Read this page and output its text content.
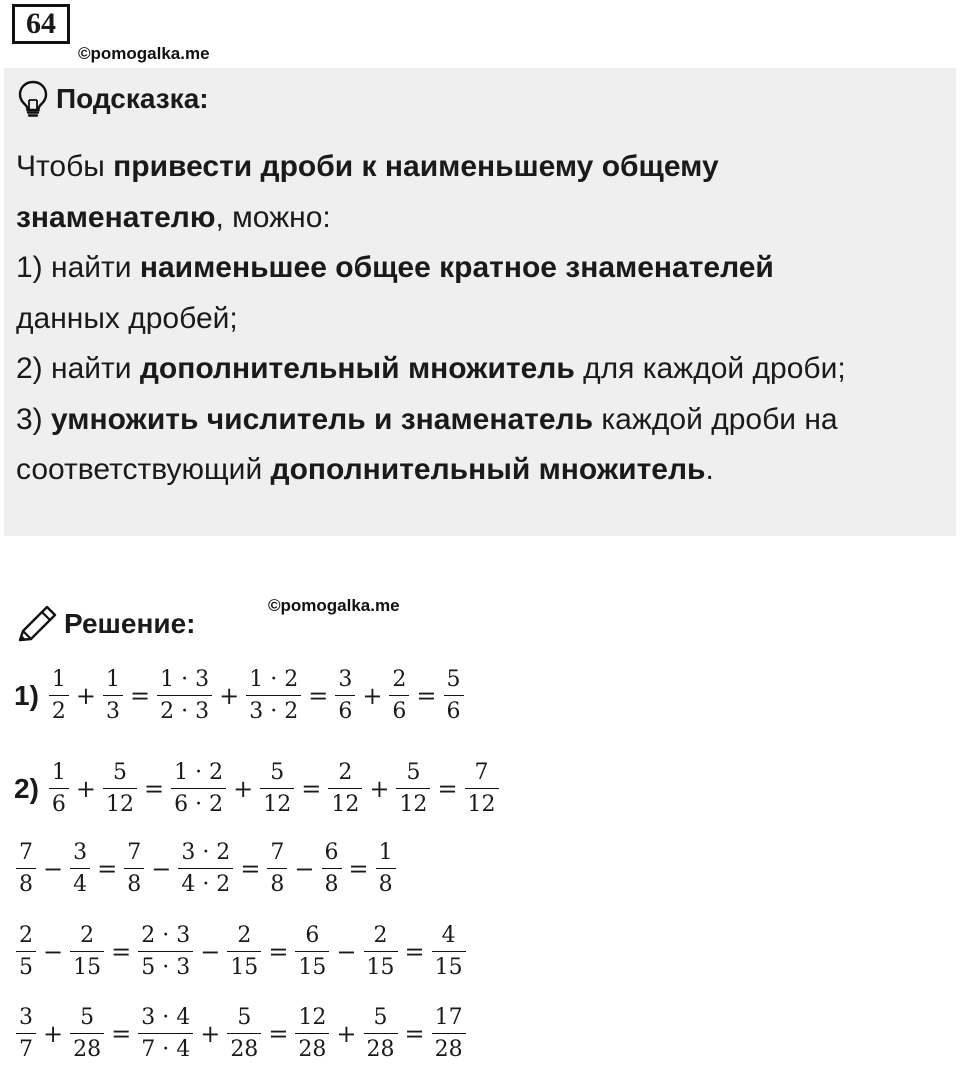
64
©pomogalka.me
Подсказка:
Чтобы привести дроби к наименьшему общему
знаменателю, можно:
1) найти наименьшее общее кратное знаменателей
данных дробей;
2) найти дополнительный множитель для каждой дроби;
3) умножить числитель и знаменатель каждой дроби на
соответствующий дополнительный множитель.
Решение:
©pomogalka.me
$1) \frac{1}{2} + \frac{1}{3} = \frac{1 \cdot 3}{2 \cdot 3} + \frac{1 \cdot 2}{3 \cdot 2} = \frac{3}{6} + \frac{2}{6} = \frac{5}{6}$
$2) \frac{1}{6} + \frac{5}{12} = \frac{1 \cdot 2}{6 \cdot 2} + \frac{5}{12} = \frac{2}{12} + \frac{5}{12} = \frac{7}{12}$
$\frac{7}{8} - \frac{3}{4} = \frac{7}{8} - \frac{3 \cdot 2}{4 \cdot 2} = \frac{7}{8} - \frac{6}{8} = \frac{1}{8}$
$\frac{2}{5} - \frac{2}{15} = \frac{2 \cdot 3}{5 \cdot 3} - \frac{2}{15} = \frac{6}{15} - \frac{2}{15} = \frac{4}{15}$
$\frac{3}{7} + \frac{5}{28} = \frac{3 \cdot 4}{7 \cdot 4} + \frac{5}{28} = \frac{12}{28} + \frac{5}{28} = \frac{17}{28}$
